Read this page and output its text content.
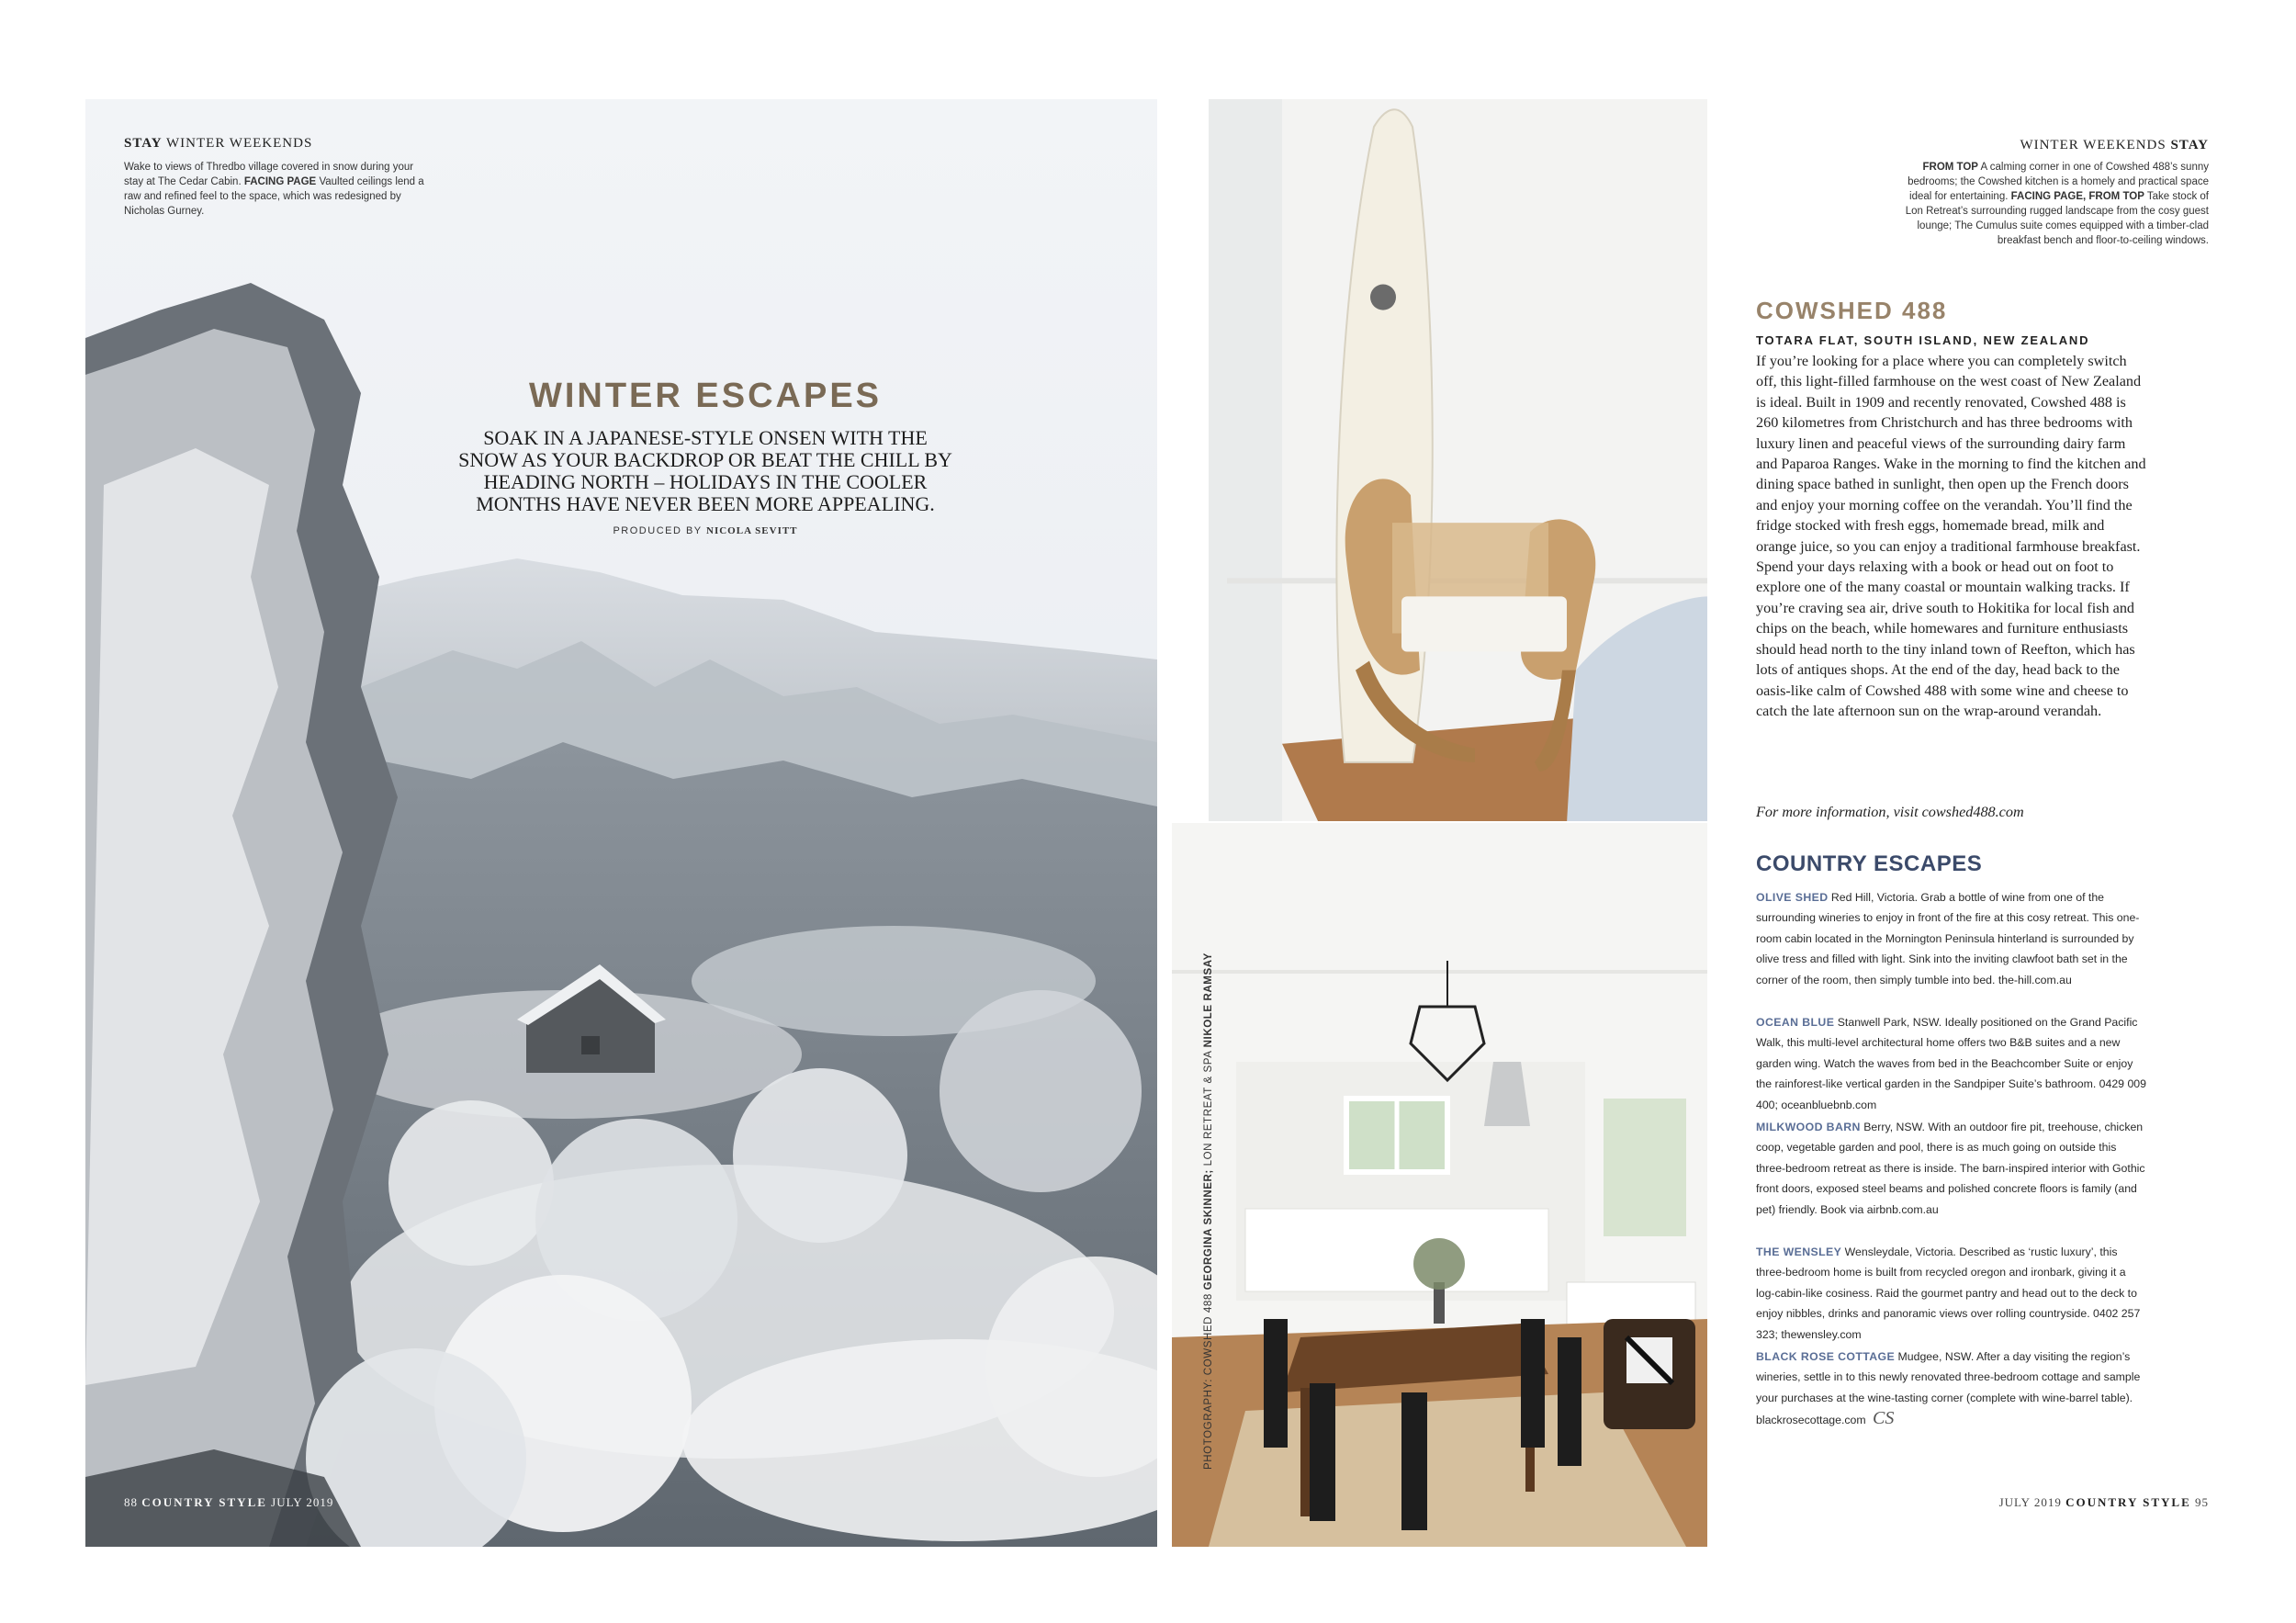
STAY WINTER WEEKENDS
Wake to views of Thredbo village covered in snow during your stay at The Cedar Cabin. FACING PAGE Vaulted ceilings lend a raw and refined feel to the space, which was redesigned by Nicholas Gurney.
WINTER ESCAPES
SOAK IN A JAPANESE-STYLE ONSEN WITH THE SNOW AS YOUR BACKDROP OR BEAT THE CHILL BY HEADING NORTH – HOLIDAYS IN THE COOLER MONTHS HAVE NEVER BEEN MORE APPEALING.
PRODUCED BY NICOLA SEVITT
88 COUNTRY STYLE JULY 2019
PHOTOGRAPHY: COWSHED 488 GEORGINA SKINNER; LON RETREAT & SPA NIKOLE RAMSAY
WINTER WEEKENDS STAY
FROM TOP A calming corner in one of Cowshed 488’s sunny bedrooms; the Cowshed kitchen is a homely and practical space ideal for entertaining. FACING PAGE, FROM TOP Take stock of Lon Retreat’s surrounding rugged landscape from the cosy guest lounge; The Cumulus suite comes equipped with a timber-clad breakfast bench and floor-to-ceiling windows.
COWSHED 488
TOTARA FLAT, SOUTH ISLAND, NEW ZEALAND
If you’re looking for a place where you can completely switch off, this light-filled farmhouse on the west coast of New Zealand is ideal. Built in 1909 and recently renovated, Cowshed 488 is 260 kilometres from Christchurch and has three bedrooms with luxury linen and peaceful views of the surrounding dairy farm and Paparoa Ranges. Wake in the morning to find the kitchen and dining space bathed in sunlight, then open up the French doors and enjoy your morning coffee on the verandah. You’ll find the fridge stocked with fresh eggs, homemade bread, milk and orange juice, so you can enjoy a traditional farmhouse breakfast. Spend your days relaxing with a book or head out on foot to explore one of the many coastal or mountain walking tracks. If you’re craving sea air, drive south to Hokitika for local fish and chips on the beach, while homewares and furniture enthusiasts should head north to the tiny inland town of Reefton, which has lots of antiques shops. At the end of the day, head back to the oasis-like calm of Cowshed 488 with some wine and cheese to catch the late afternoon sun on the wrap-around verandah.
For more information, visit cowshed488.com
COUNTRY ESCAPES
OLIVE SHED Red Hill, Victoria. Grab a bottle of wine from one of the surrounding wineries to enjoy in front of the fire at this cosy retreat. This one-room cabin located in the Mornington Peninsula hinterland is surrounded by olive tress and filled with light. Sink into the inviting clawfoot bath set in the corner of the room, then simply tumble into bed. the-hill.com.au
OCEAN BLUE Stanwell Park, NSW. Ideally positioned on the Grand Pacific Walk, this multi-level architectural home offers two B&B suites and a new garden wing. Watch the waves from bed in the Beachcomber Suite or enjoy the rainforest-like vertical garden in the Sandpiper Suite’s bathroom. 0429 009 400; oceanbluebnb.com
MILKWOOD BARN Berry, NSW. With an outdoor fire pit, treehouse, chicken coop, vegetable garden and pool, there is as much going on outside this three-bedroom retreat as there is inside. The barn-inspired interior with Gothic front doors, exposed steel beams and polished concrete floors is family (and pet) friendly. Book via airbnb.com.au
THE WENSLEY Wensleydale, Victoria. Described as ‘rustic luxury’, this three-bedroom home is built from recycled oregon and ironbark, giving it a log-cabin-like cosiness. Raid the gourmet pantry and head out to the deck to enjoy nibbles, drinks and panoramic views over rolling countryside. 0402 257 323; thewensley.com
BLACK ROSE COTTAGE Mudgee, NSW. After a day visiting the region’s wineries, settle in to this newly renovated three-bedroom cottage and sample your purchases at the wine-tasting corner (complete with wine-barrel table). blackrosecottage.com CS
JULY 2019 COUNTRY STYLE 95
